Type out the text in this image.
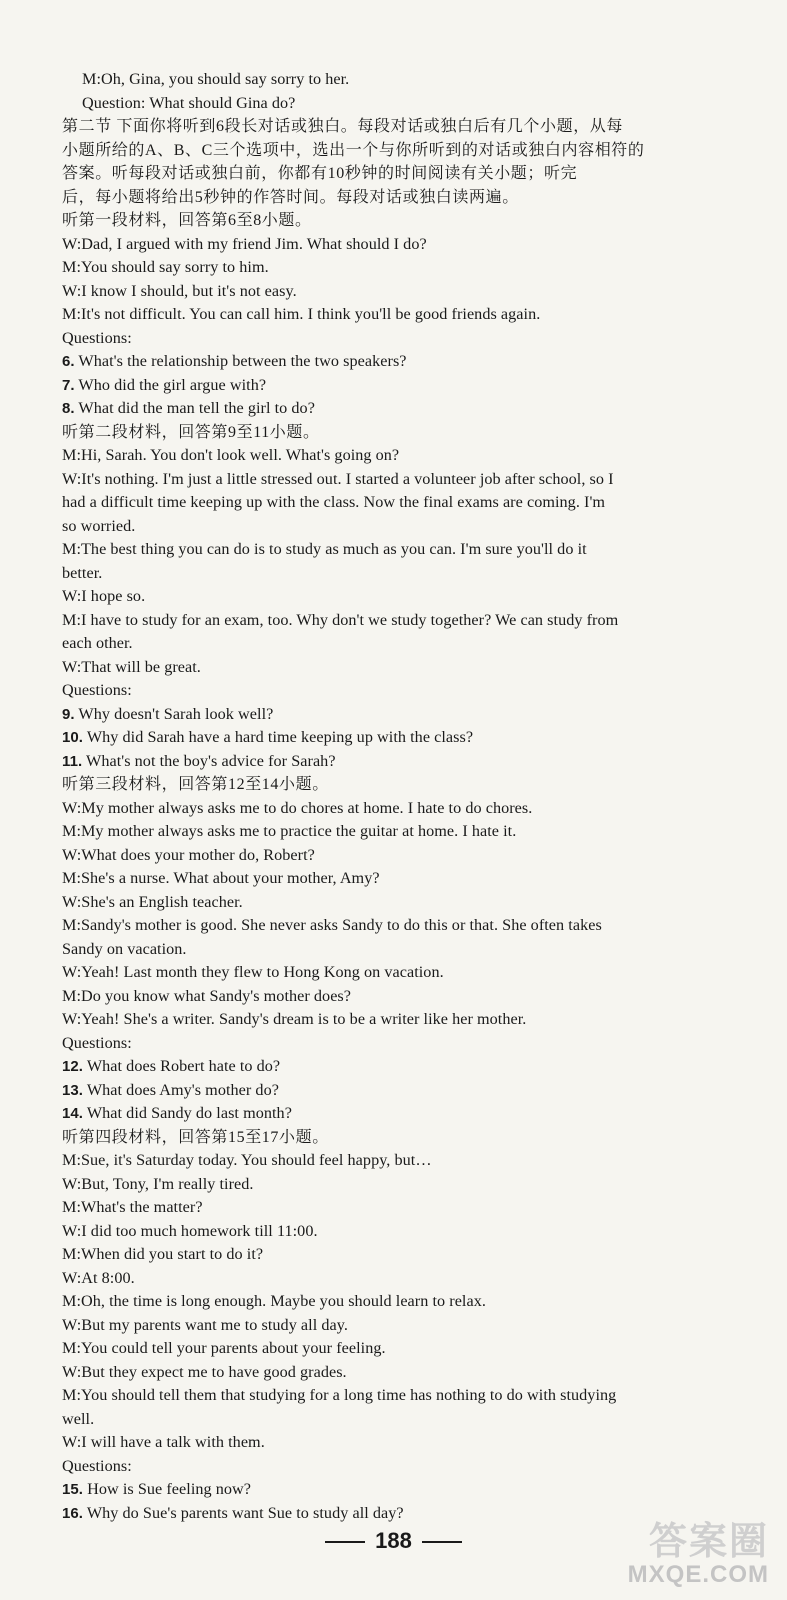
M:Oh, Gina, you should say sorry to her.
Question: What should Gina do?
第二节 下面你将听到6段长对话或独白。每段对话或独白后有几个小题，从每
小题所给的A、B、C三个选项中，选出一个与你所听到的对话或独白内容相符的
答案。听每段对话或独白前，你都有10秒钟的时间阅读有关小题；听完
后，每小题将给出5秒钟的作答时间。每段对话或独白读两遍。
听第一段材料，回答第6至8小题。
W:Dad, I argued with my friend Jim. What should I do?
M:You should say sorry to him.
W:I know I should, but it's not easy.
M:It's not difficult. You can call him. I think you'll be good friends again.
Questions:
6. What's the relationship between the two speakers?
7. Who did the girl argue with?
8. What did the man tell the girl to do?
听第二段材料，回答第9至11小题。
M:Hi, Sarah. You don't look well. What's going on?
W:It's nothing. I'm just a little stressed out. I started a volunteer job after school, so I
had a difficult time keeping up with the class. Now the final exams are coming. I'm
so worried.
M:The best thing you can do is to study as much as you can. I'm sure you'll do it
better.
W:I hope so.
M:I have to study for an exam, too. Why don't we study together? We can study from
each other.
W:That will be great.
Questions:
9. Why doesn't Sarah look well?
10. Why did Sarah have a hard time keeping up with the class?
11. What's not the boy's advice for Sarah?
听第三段材料，回答第12至14小题。
W:My mother always asks me to do chores at home. I hate to do chores.
M:My mother always asks me to practice the guitar at home. I hate it.
W:What does your mother do, Robert?
M:She's a nurse. What about your mother, Amy?
W:She's an English teacher.
M:Sandy's mother is good. She never asks Sandy to do this or that. She often takes
Sandy on vacation.
W:Yeah! Last month they flew to Hong Kong on vacation.
M:Do you know what Sandy's mother does?
W:Yeah! She's a writer. Sandy's dream is to be a writer like her mother.
Questions:
12. What does Robert hate to do?
13. What does Amy's mother do?
14. What did Sandy do last month?
听第四段材料，回答第15至17小题。
M:Sue, it's Saturday today. You should feel happy, but…
W:But, Tony, I'm really tired.
M:What's the matter?
W:I did too much homework till 11:00.
M:When did you start to do it?
W:At 8:00.
M:Oh, the time is long enough. Maybe you should learn to relax.
W:But my parents want me to study all day.
M:You could tell your parents about your feeling.
W:But they expect me to have good grades.
M:You should tell them that studying for a long time has nothing to do with studying
well.
W:I will have a talk with them.
Questions:
15. How is Sue feeling now?
16. Why do Sue's parents want Sue to study all day?
188	答案圈
MXQE.COM
